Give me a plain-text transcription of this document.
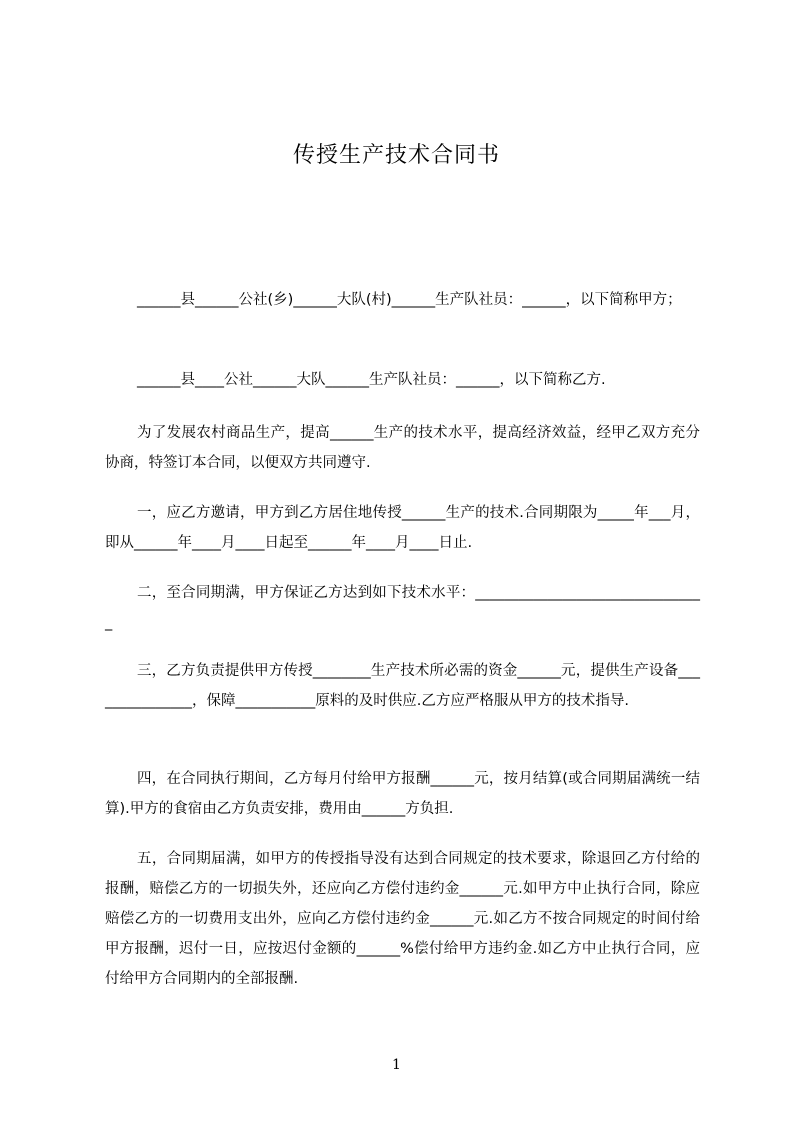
传授生产技术合同书

______县______公社(乡)______大队(村)______生产队社员：______，以下简称甲方；

______县____公社______大队______生产队社员：______，以下简称乙方.

为了发展农村商品生产，提高______生产的技术水平，提高经济效益，经甲乙双方充分协商，特签订本合同，以便双方共同遵守.

一，应乙方邀请，甲方到乙方居住地传授______生产的技术.合同期限为_____年___月，即从______年____月____日起至______年____月____日止.

二，至合同期满，甲方保证乙方达到如下技术水平：________________________________

三，乙方负责提供甲方传授________生产技术所必需的资金______元，提供生产设备_______________，保障___________原料的及时供应.乙方应严格服从甲方的技术指导.

四，在合同执行期间，乙方每月付给甲方报酬______元，按月结算(或合同期届满统一结算).甲方的食宿由乙方负责安排，费用由______方负担.

五，合同期届满，如甲方的传授指导没有达到合同规定的技术要求，除退回乙方付给的报酬，赔偿乙方的一切损失外，还应向乙方偿付违约金______元.如甲方中止执行合同，除应赔偿乙方的一切费用支出外，应向乙方偿付违约金______元.如乙方不按合同规定的时间付给甲方报酬，迟付一日，应按迟付金额的______%偿付给甲方违约金.如乙方中止执行合同，应付给甲方合同期内的全部报酬.

1
